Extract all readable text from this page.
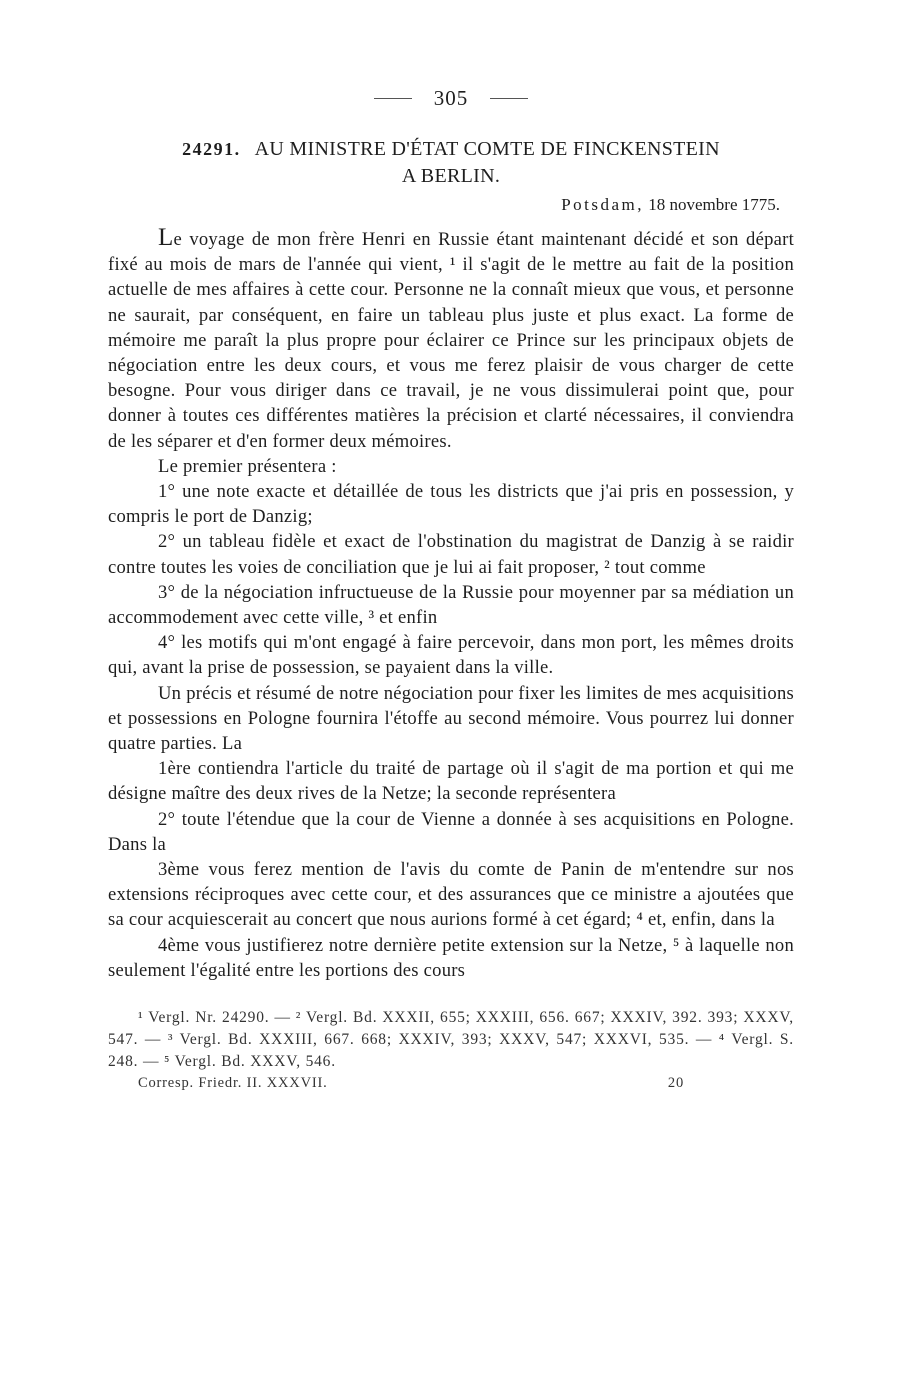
305
24291. AU MINISTRE D'ÉTAT COMTE DE FINCKENSTEIN
A BERLIN.
Potsdam, 18 novembre 1775.

Le voyage de mon frère Henri en Russie étant maintenant décidé et son départ fixé au mois de mars de l'année qui vient, ¹ il s'agit de le mettre au fait de la position actuelle de mes affaires à cette cour. Personne ne la connaît mieux que vous, et personne ne saurait, par conséquent, en faire un tableau plus juste et plus exact. La forme de mémoire me paraît la plus propre pour éclairer ce Prince sur les principaux objets de négociation entre les deux cours, et vous me ferez plaisir de vous charger de cette besogne. Pour vous diriger dans ce travail, je ne vous dissimulerai point que, pour donner à toutes ces différentes matières la précision et clarté nécessaires, il conviendra de les séparer et d'en former deux mémoires.

Le premier présentera :

1° une note exacte et détaillée de tous les districts que j'ai pris en possession, y compris le port de Danzig;

2° un tableau fidèle et exact de l'obstination du magistrat de Danzig à se raidir contre toutes les voies de conciliation que je lui ai fait proposer, ² tout comme

3° de la négociation infructueuse de la Russie pour moyenner par sa médiation un accommodement avec cette ville, ³ et enfin

4° les motifs qui m'ont engagé à faire percevoir, dans mon port, les mêmes droits qui, avant la prise de possession, se payaient dans la ville.

Un précis et résumé de notre négociation pour fixer les limites de mes acquisitions et possessions en Pologne fournira l'étoffe au second mémoire. Vous pourrez lui donner quatre parties. La

1ère contiendra l'article du traité de partage où il s'agit de ma portion et qui me désigne maître des deux rives de la Netze; la seconde représentera

2° toute l'étendue que la cour de Vienne a donnée à ses acquisitions en Pologne. Dans la

3ème vous ferez mention de l'avis du comte de Panin de m'entendre sur nos extensions réciproques avec cette cour, et des assurances que ce ministre a ajoutées que sa cour acquiescerait au concert que nous aurions formé à cet égard; ⁴ et, enfin, dans la

4ème vous justifierez notre dernière petite extension sur la Netze, ⁵ à laquelle non seulement l'égalité entre les portions des cours

¹ Vergl. Nr. 24290. — ² Vergl. Bd. XXXII, 655; XXXIII, 656. 667; XXXIV, 392. 393; XXXV, 547. — ³ Vergl. Bd. XXXIII, 667. 668; XXXIV, 393; XXXV, 547; XXXVI, 535. — ⁴ Vergl. S. 248. — ⁵ Vergl. Bd. XXXV, 546.

Corresp. Friedr. II. XXXVII.	20
